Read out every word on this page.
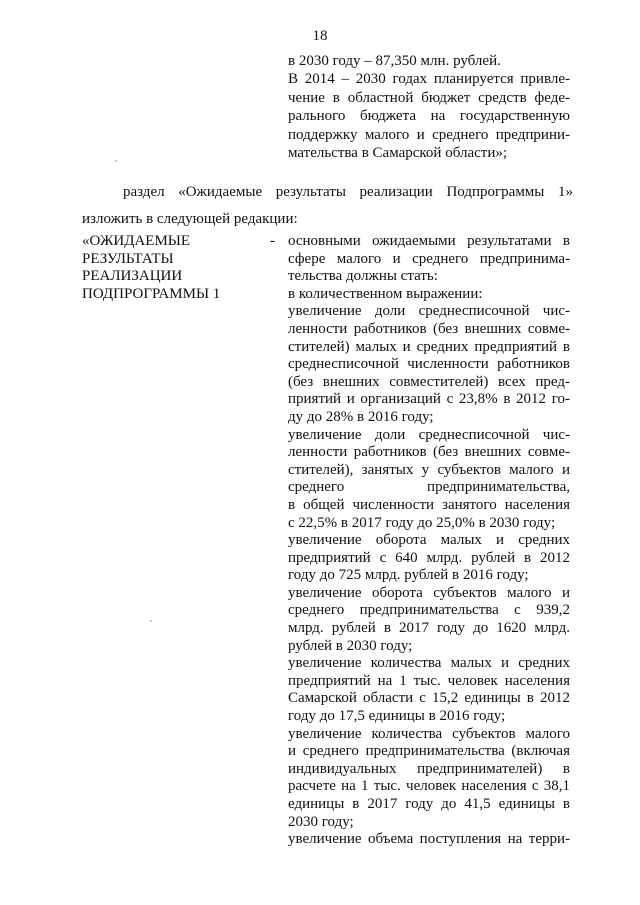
18

в 2030 году – 87,350 млн. рублей.

В 2014 – 2030 годах планируется привле-

чение в областной бюджет средств феде-

рального бюджета на государственную

поддержку малого и среднего предприни-

мательства в Самарской области»;

раздел «Ожидаемые результаты реализации Подпрограммы 1»
изложить в следующей редакции:
«ОЖИДАЕМЫЕ
РЕЗУЛЬТАТЫ
РЕАЛИЗАЦИИ
ПОДПРОГРАММЫ 1
- основными ожидаемыми результатами в
сфере малого и среднего предпринима-
тельства должны стать:
в количественном выражении:
увеличение доли среднесписочной чис-
ленности работников (без внешних совме-
стителей) малых и средних предприятий в
среднесписочной численности работников
(без внешних совместителей) всех пред-
приятий и организаций с 23,8% в 2012 го-
ду до 28% в 2016 году;
увеличение доли среднесписочной чис-
ленности работников (без внешних совме-
стителей), занятых у субъектов малого и
среднего предпринимательства,
в общей численности занятого населения
с 22,5% в 2017 году до 25,0% в 2030 году;
увеличение оборота малых и средних
предприятий с 640 млрд. рублей в 2012
году до 725 млрд. рублей в 2016 году;
увеличение оборота субъектов малого и
среднего предпринимательства с 939,2
млрд. рублей в 2017 году до 1620 млрд.
рублей в 2030 году;
увеличение количества малых и средних
предприятий на 1 тыс. человек населения
Самарской области с 15,2 единицы в 2012
году до 17,5 единицы в 2016 году;
увеличение количества субъектов малого
и среднего предпринимательства (включая
индивидуальных предпринимателей) в
расчете на 1 тыс. человек населения с 38,1
единицы в 2017 году до 41,5 единицы в
2030 году;
увеличение объема поступления на терри-
